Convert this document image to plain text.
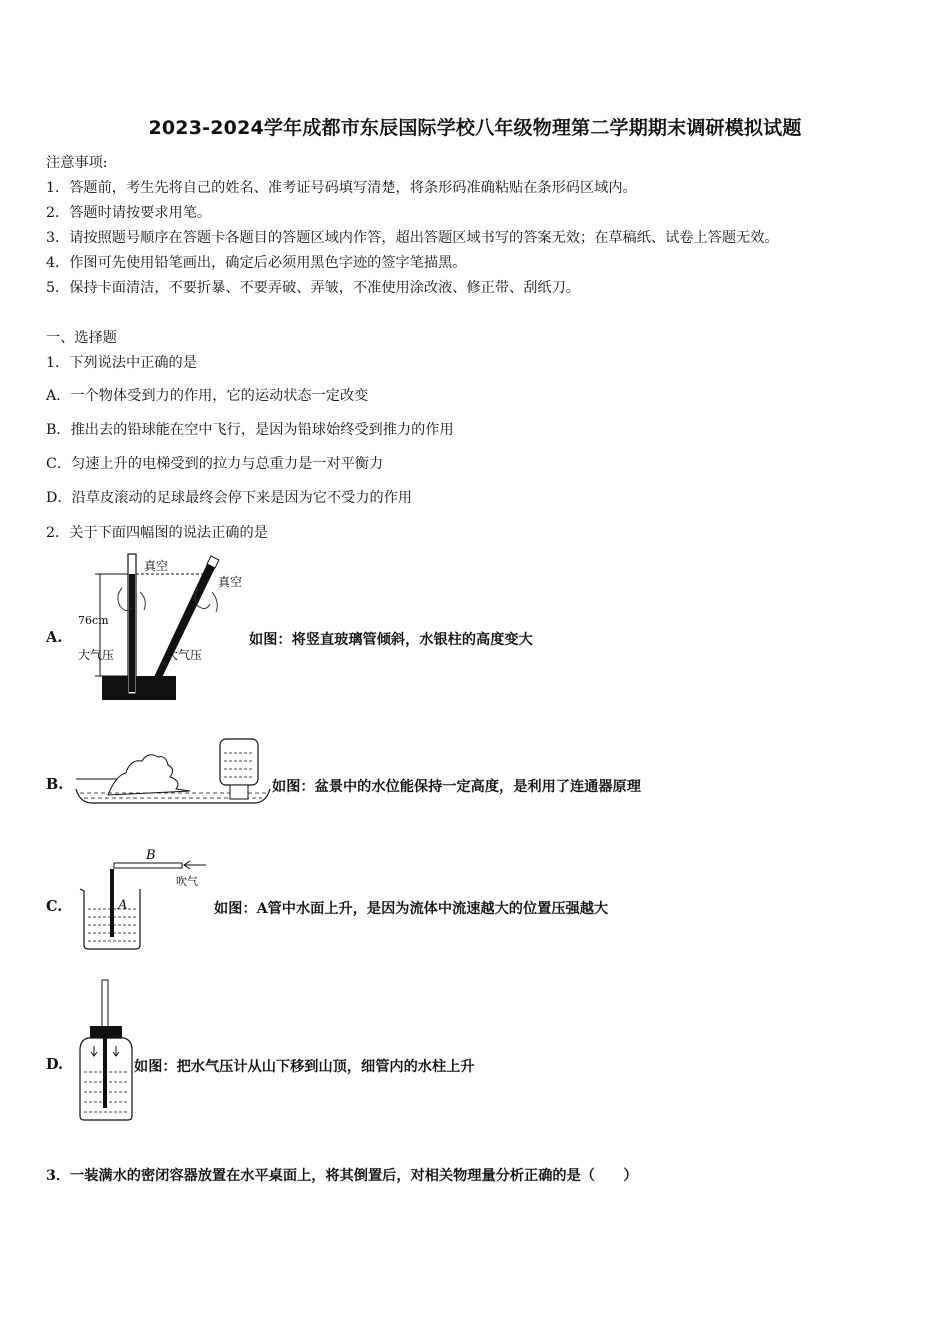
2023-2024学年成都市东辰国际学校八年级物理第二学期期末调研模拟试题
注意事项:
1．答题前，考生先将自己的姓名、准考证号码填写清楚，将条形码准确粘贴在条形码区域内。
2．答题时请按要求用笔。
3．请按照题号顺序在答题卡各题目的答题区域内作答，超出答题区域书写的答案无效；在草稿纸、试卷上答题无效。
4．作图可先使用铅笔画出，确定后必须用黑色字迹的签字笔描黑。
5．保持卡面清洁，不要折暴、不要弄破、弄皱，不准使用涂改液、修正带、刮纸刀。
一、选择题
1．下列说法中正确的是
A．一个物体受到力的作用，它的运动状态一定改变
B．推出去的铅球能在空中飞行，是因为铅球始终受到推力的作用
C．匀速上升的电梯受到的拉力与总重力是一对平衡力
D．沿草皮滚动的足球最终会停下来是因为它不受力的作用
2．关于下面四幅图的说法正确的是
A.
真空
真空
76cm
大气压	大气压
如图：将竖直玻璃管倾斜，水银柱的高度变大
B.	如图：盆景中的水位能保持一定高度，是利用了连通器原理
C.
B
A
吹气
如图：A管中水面上升，是因为流体中流速越大的位置压强越大
D.	如图：把水气压计从山下移到山顶，细管内的水柱上升
3．一装满水的密闭容器放置在水平桌面上，将其倒置后，对相关物理量分析正确的是（　　）
